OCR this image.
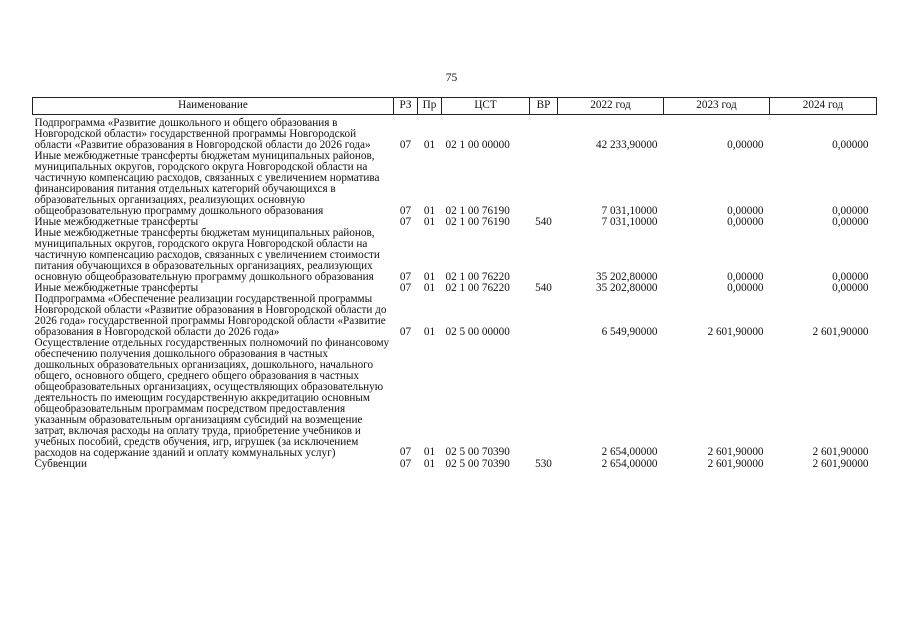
75
Наименование	РЗ	Пр	ЦСТ	ВР	2022 год	2023 год	2024 год
Подпрограмма «Развитие дошкольного и общего образования в Новгородской области» государственной программы Новгородской области «Развитие образования в Новгородской области до 2026 года»	07	01	02 1 00 00000		42 233,90000	0,00000	0,00000
Иные межбюджетные трансферты бюджетам муниципальных районов, муниципальных округов, городского округа Новгородской области на частичную компенсацию расходов, связанных с увеличением норматива финансирования питания отдельных категорий обучающихся в образовательных организациях, реализующих основную общеобразовательную программу дошкольного образования	07	01	02 1 00 76190		7 031,10000	0,00000	0,00000
Иные межбюджетные трансферты	07	01	02 1 00 76190	540	7 031,10000	0,00000	0,00000
Иные межбюджетные трансферты бюджетам муниципальных районов, муниципальных округов, городского округа Новгородской области на частичную компенсацию расходов, связанных с увеличением стоимости питания обучающихся в образовательных организациях, реализующих основную общеобразовательную программу дошкольного образования	07	01	02 1 00 76220		35 202,80000	0,00000	0,00000
Иные межбюджетные трансферты	07	01	02 1 00 76220	540	35 202,80000	0,00000	0,00000
Подпрограмма «Обеспечение реализации государственной программы Новгородской области «Развитие образования в Новгородской области до 2026 года» государственной программы Новгородской области «Развитие образования в Новгородской области до 2026 года»	07	01	02 5 00 00000		6 549,90000	2 601,90000	2 601,90000
Осуществление отдельных государственных полномочий по финансовому обеспечению получения дошкольного образования в частных дошкольных образовательных организациях, дошкольного, начального общего, основного общего, среднего общего образования в частных общеобразовательных организациях, осуществляющих образовательную деятельность по имеющим государственную аккредитацию основным общеобразовательным программам посредством предоставления указанным образовательным организациям субсидий на возмещение затрат, включая расходы на оплату труда, приобретение учебников и учебных пособий, средств обучения, игр, игрушек (за исключением расходов на содержание зданий и оплату коммунальных услуг)	07	01	02 5 00 70390		2 654,00000	2 601,90000	2 601,90000
Субвенции	07	01	02 5 00 70390	530	2 654,00000	2 601,90000	2 601,90000
